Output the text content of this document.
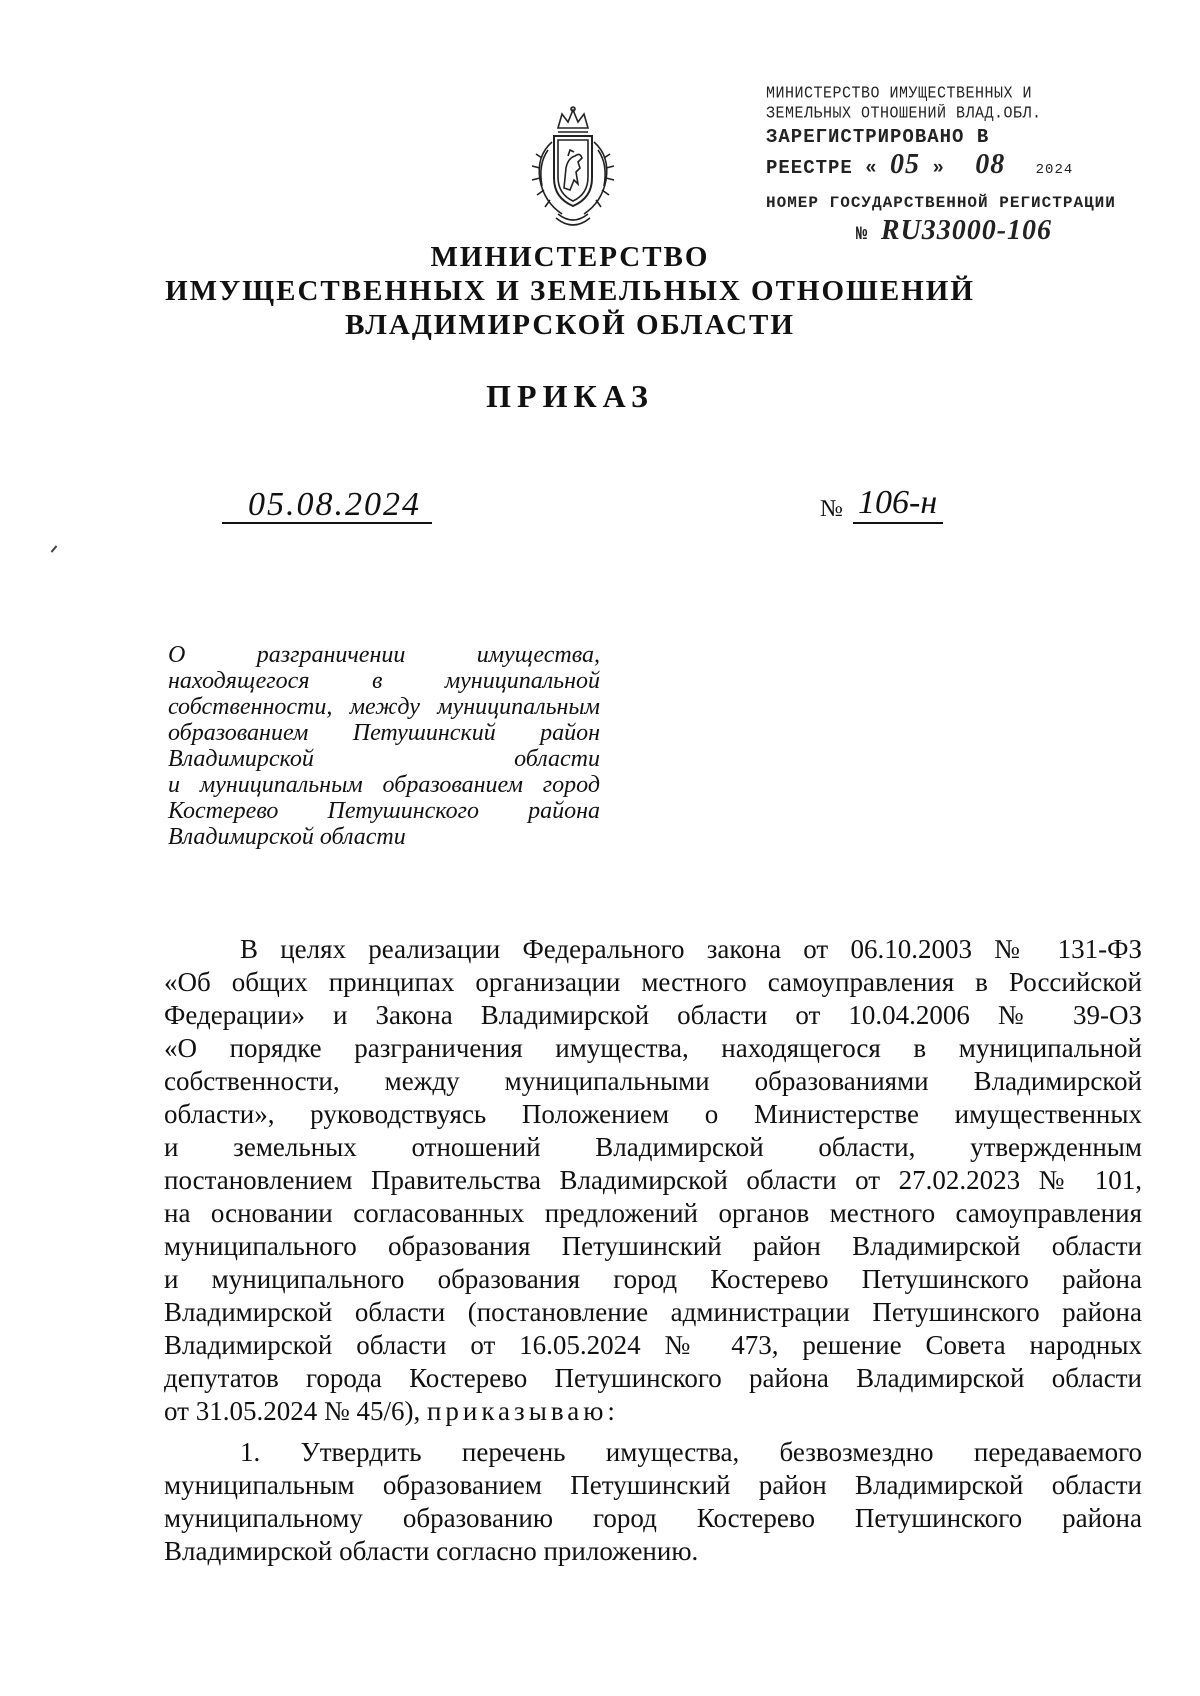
МИНИСТЕРСТВО ИМУЩЕСТВЕННЫХ И
ЗЕМЕЛЬНЫХ ОТНОШЕНИЙ ВЛАД.ОБЛ.
ЗАРЕГИСТРИРОВАНО В
РЕЕСТРЕ « 05 » 08 2024
НОМЕР ГОСУДАРСТВЕННОЙ РЕГИСТРАЦИИ
№ RU33000-106
МИНИСТЕРСТВО
ИМУЩЕСТВЕННЫХ И ЗЕМЕЛЬНЫХ ОТНОШЕНИЙ
ВЛАДИМИРСКОЙ ОБЛАСТИ
ПРИКАЗ
05.08.2024	№ 106-н
О разграничении имущества,
находящегося в муниципальной
собственности, между муниципальным
образованием Петушинский район
Владимирской области
и муниципальным образованием город
Костерево Петушинского района
Владимирской области

В целях реализации Федерального закона от 06.10.2003 № 131-ФЗ
«Об общих принципах организации местного самоуправления в Российской
Федерации» и Закона Владимирской области от 10.04.2006 № 39-ОЗ
«О порядке разграничения имущества, находящегося в муниципальной
собственности, между муниципальными образованиями Владимирской
области», руководствуясь Положением о Министерстве имущественных
и земельных отношений Владимирской области, утвержденным
постановлением Правительства Владимирской области от 27.02.2023 № 101,
на основании согласованных предложений органов местного самоуправления
муниципального образования Петушинский район Владимирской области
и муниципального образования город Костерево Петушинского района
Владимирской области (постановление администрации Петушинского района
Владимирской области от 16.05.2024 № 473, решение Совета народных
депутатов города Костерево Петушинского района Владимирской области
от 31.05.2024 № 45/6), приказываю:

1. Утвердить перечень имущества, безвозмездно передаваемого
муниципальным образованием Петушинский район Владимирской области
муниципальному образованию город Костерево Петушинского района
Владимирской области согласно приложению.
